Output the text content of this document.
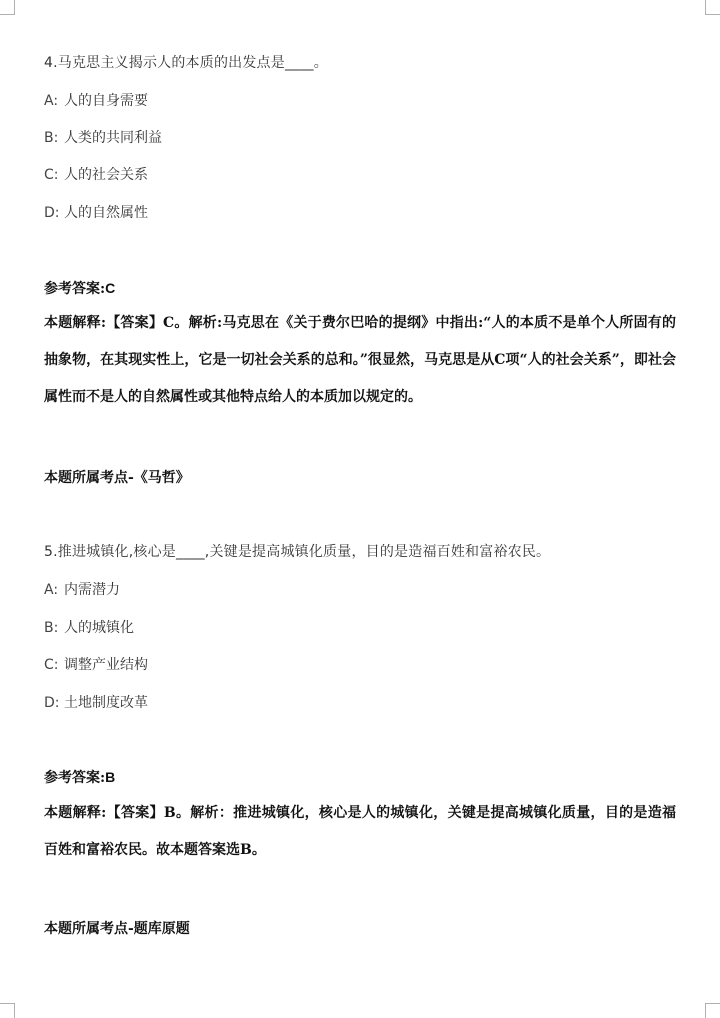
4.马克思主义揭示人的本质的出发点是____。
A: 人的自身需要
B: 人类的共同利益
C: 人的社会关系
D: 人的自然属性
参考答案:C
本题解释:【答案】C。解析:马克思在《关于费尔巴哈的提纲》中指出:“人的本质不是单个人所固有的抽象物，在其现实性上，它是一切社会关系的总和。”很显然，马克思是从C项“人的社会关系”，即社会属性而不是人的自然属性或其他特点给人的本质加以规定的。
本题所属考点-《马哲》
5.推进城镇化,核心是____,关键是提高城镇化质量，目的是造福百姓和富裕农民。
A: 内需潜力
B: 人的城镇化
C: 调整产业结构
D: 土地制度改革
参考答案:B
本题解释:【答案】B。解析：推进城镇化，核心是人的城镇化，关键是提高城镇化质量，目的是造福百姓和富裕农民。故本题答案选B。
本题所属考点-题库原题
